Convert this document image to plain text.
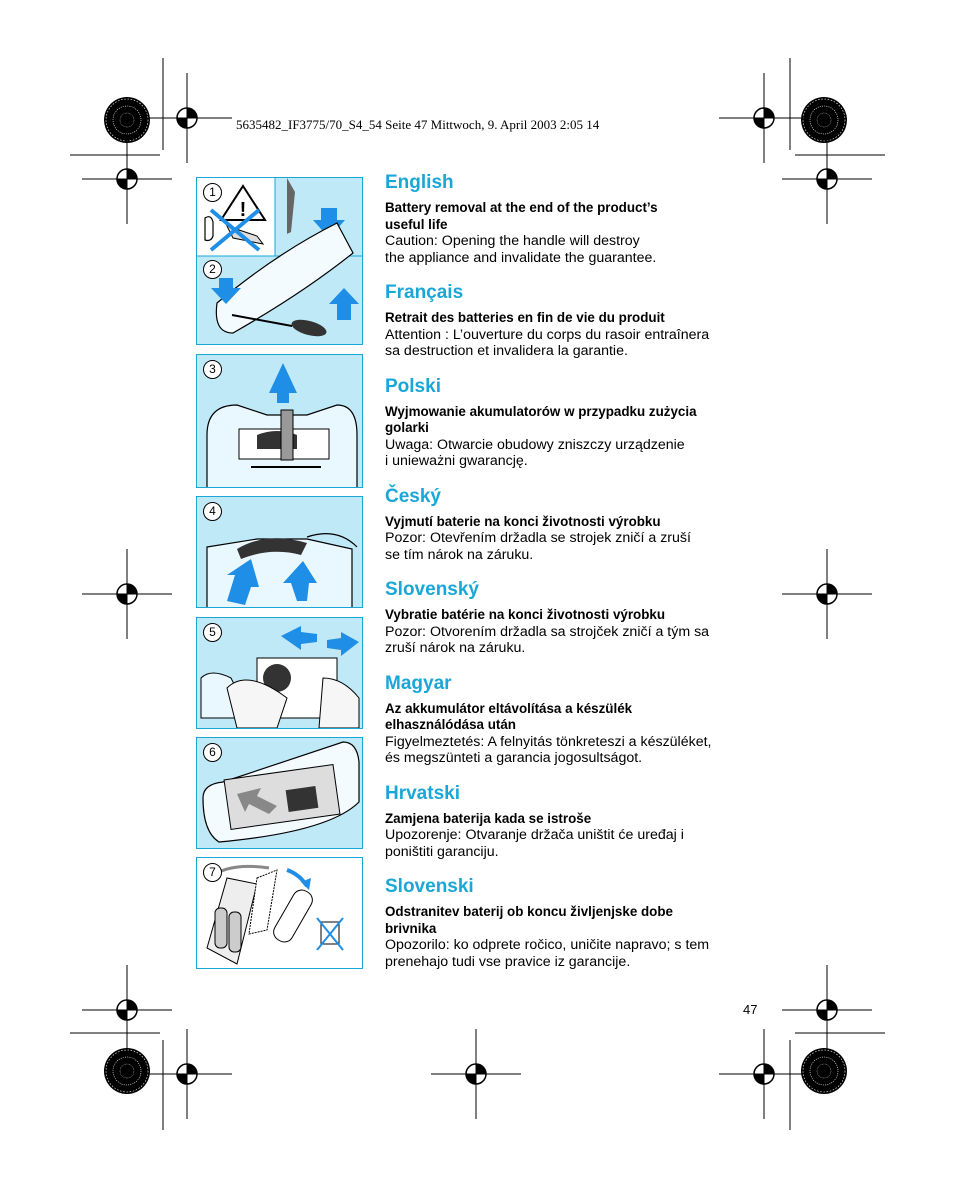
5635482_IF3775/70_S4_54 Seite 47 Mittwoch, 9. April 2003 2:05 14
!
1
2
3
4
5
6
7
English
Battery removal at the end of the product’s
useful life
Caution: Opening the handle will destroy
the appliance and invalidate the guarantee.
Français
Retrait des batteries en fin de vie du produit
Attention : L’ouverture du corps du rasoir entraînera
sa destruction et invalidera la garantie.
Polski
Wyjmowanie akumulatorów w przypadku zużycia
golarki
Uwaga: Otwarcie obudowy zniszczy urządzenie
i unieważni gwarancję.
Český
Vyjmutí baterie na konci životnosti výrobku
Pozor: Otevřením držadla se strojek zničí a zruší
se tím nárok na záruku.
Slovenský
Vybratie batérie na konci životnosti výrobku
Pozor: Otvorením držadla sa strojček zničí a tým sa
zruší nárok na záruku.
Magyar
Az akkumulátor eltávolítása a készülék
elhasználódása után
Figyelmeztetés: A felnyitás tönkreteszi a készüléket,
és megszünteti a garancia jogosultságot.
Hrvatski
Zamjena baterija kada se istroše
Upozorenje: Otvaranje držača uništit će uređaj i
poništiti garanciju.
Slovenski
Odstranitev baterij ob koncu življenjske dobe
brivnika
Opozorilo: ko odprete ročico, uničite napravo; s tem
prenehajo tudi vse pravice iz garancije.
47
